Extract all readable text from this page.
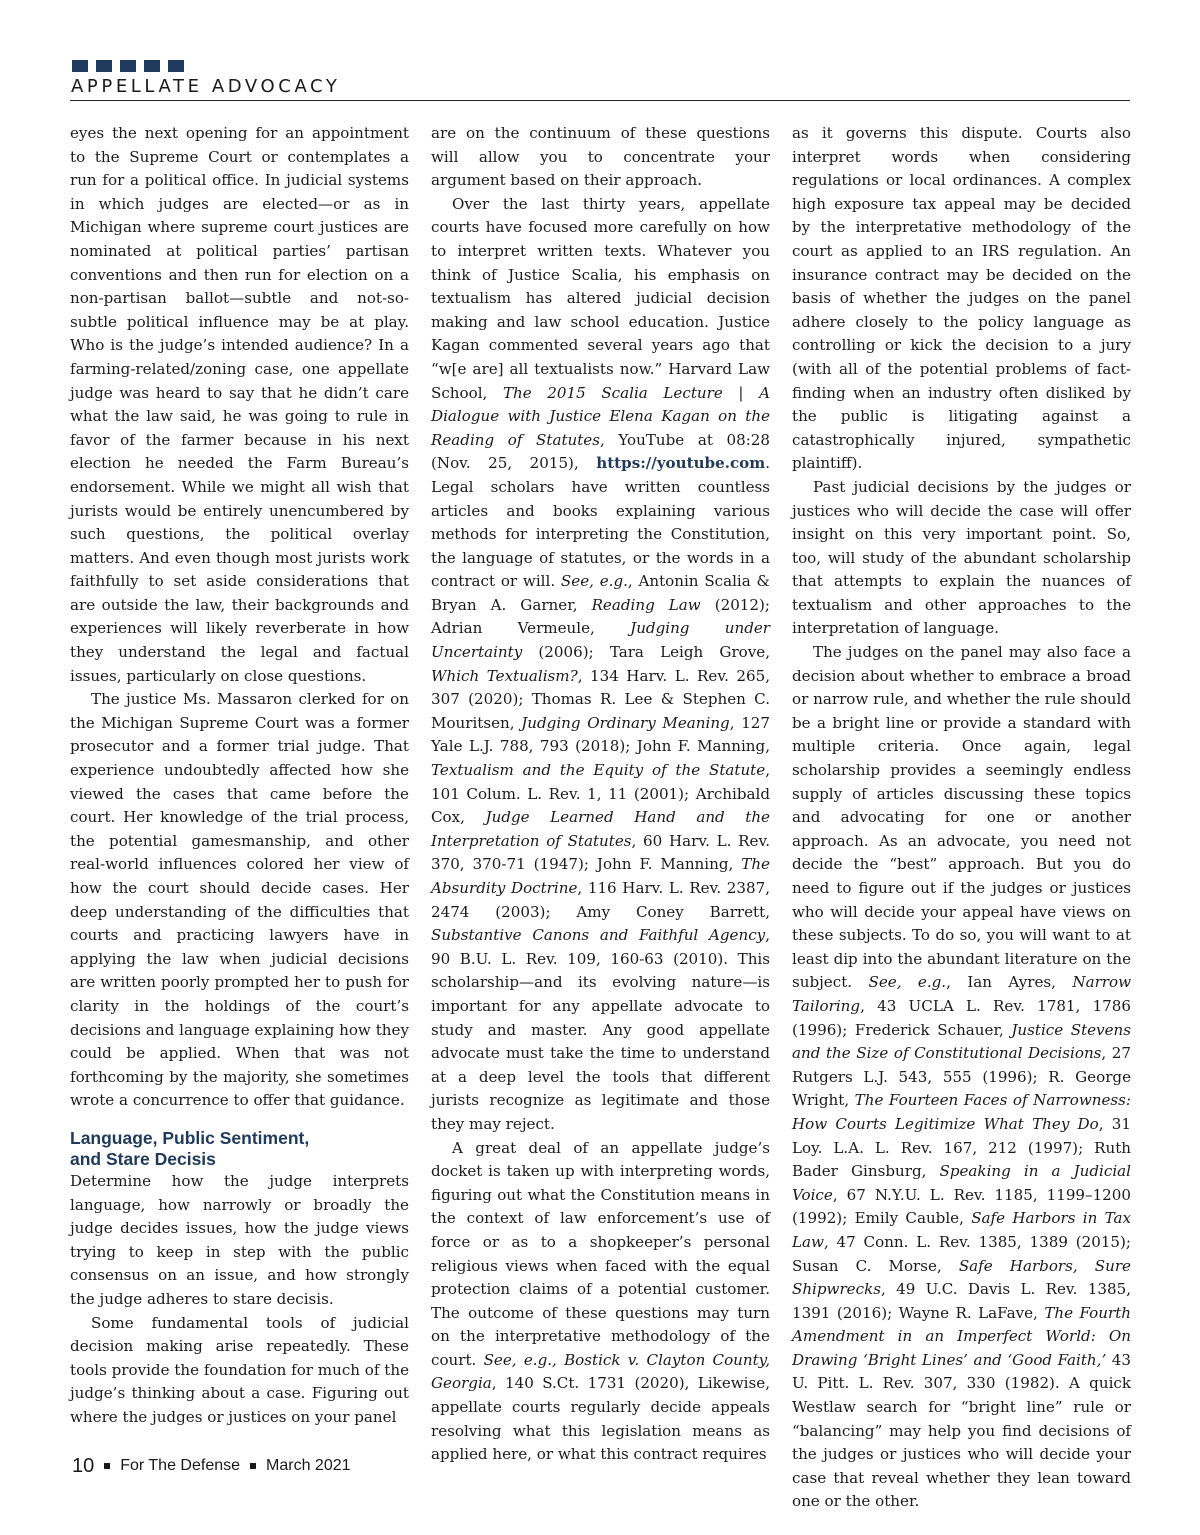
APPELLATE ADVOCACY

eyes the next opening for an appointment to the Supreme Court or contemplates a run for a political office. In judicial systems in which judges are elected—or as in Michigan where supreme court justices are nominated at political parties’ partisan conventions and then run for election on a non-partisan ballot—subtle and not-so-subtle political influence may be at play. Who is the judge’s intended audience? In a farming-related/zoning case, one appellate judge was heard to say that he didn’t care what the law said, he was going to rule in favor of the farmer because in his next election he needed the Farm Bureau’s endorsement. While we might all wish that jurists would be entirely unencumbered by such questions, the political overlay matters. And even though most jurists work faithfully to set aside considerations that are outside the law, their backgrounds and experiences will likely reverberate in how they understand the legal and factual issues, particularly on close questions.

The justice Ms. Massaron clerked for on the Michigan Supreme Court was a former prosecutor and a former trial judge. That experience undoubtedly affected how she viewed the cases that came before the court. Her knowledge of the trial process, the potential gamesmanship, and other real-world influences colored her view of how the court should decide cases. Her deep understanding of the difficulties that courts and practicing lawyers have in applying the law when judicial decisions are written poorly prompted her to push for clarity in the holdings of the court’s decisions and language explaining how they could be applied. When that was not forthcoming by the majority, she sometimes wrote a concurrence to offer that guidance.

Language, Public Sentiment,
and Stare Decisis

Determine how the judge interprets language, how narrowly or broadly the judge decides issues, how the judge views trying to keep in step with the public consensus on an issue, and how strongly the judge adheres to stare decisis.

Some fundamental tools of judicial decision making arise repeatedly. These tools provide the foundation for much of the judge’s thinking about a case. Figuring out where the judges or justices on your panel

are on the continuum of these questions will allow you to concentrate your argument based on their approach.

Over the last thirty years, appellate courts have focused more carefully on how to interpret written texts. Whatever you think of Justice Scalia, his emphasis on textualism has altered judicial decision making and law school education. Justice Kagan commented several years ago that “w[e are] all textualists now.” Harvard Law School, The 2015 Scalia Lecture | A Dialogue with Justice Elena Kagan on the Reading of Statutes, YouTube at 08:28 (Nov. 25, 2015), https://youtube.com. Legal scholars have written countless articles and books explaining various methods for interpreting the Constitution, the language of statutes, or the words in a contract or will. See, e.g., Antonin Scalia & Bryan A. Garner, Reading Law (2012); Adrian Vermeule, Judging under Uncertainty (2006); Tara Leigh Grove, Which Textualism?, 134 Harv. L. Rev. 265, 307 (2020); Thomas R. Lee & Stephen C. Mouritsen, Judging Ordinary Meaning, 127 Yale L.J. 788, 793 (2018); John F. Manning, Textualism and the Equity of the Statute, 101 Colum. L. Rev. 1, 11 (2001); Archibald Cox, Judge Learned Hand and the Interpretation of Statutes, 60 Harv. L. Rev. 370, 370-71 (1947); John F. Manning, The Absurdity Doctrine, 116 Harv. L. Rev. 2387, 2474 (2003); Amy Coney Barrett, Substantive Canons and Faithful Agency, 90 B.U. L. Rev. 109, 160-63 (2010). This scholarship—and its evolving nature—is important for any appellate advocate to study and master. Any good appellate advocate must take the time to understand at a deep level the tools that different jurists recognize as legitimate and those they may reject.

A great deal of an appellate judge’s docket is taken up with interpreting words, figuring out what the Constitution means in the context of law enforcement’s use of force or as to a shopkeeper’s personal religious views when faced with the equal protection claims of a potential customer. The outcome of these questions may turn on the interpretative methodology of the court. See, e.g., Bostick v. Clayton County, Georgia, 140 S.Ct. 1731 (2020), Likewise, appellate courts regularly decide appeals resolving what this legislation means as applied here, or what this contract requires

as it governs this dispute. Courts also interpret words when considering regulations or local ordinances. A complex high exposure tax appeal may be decided by the interpretative methodology of the court as applied to an IRS regulation. An insurance contract may be decided on the basis of whether the judges on the panel adhere closely to the policy language as controlling or kick the decision to a jury (with all of the potential problems of fact-finding when an industry often disliked by the public is litigating against a catastrophically injured, sympathetic plaintiff).

Past judicial decisions by the judges or justices who will decide the case will offer insight on this very important point. So, too, will study of the abundant scholarship that attempts to explain the nuances of textualism and other approaches to the interpretation of language.

The judges on the panel may also face a decision about whether to embrace a broad or narrow rule, and whether the rule should be a bright line or provide a standard with multiple criteria. Once again, legal scholarship provides a seemingly endless supply of articles discussing these topics and advocating for one or another approach. As an advocate, you need not decide the “best” approach. But you do need to figure out if the judges or justices who will decide your appeal have views on these subjects. To do so, you will want to at least dip into the abundant literature on the subject. See, e.g., Ian Ayres, Narrow Tailoring, 43 UCLA L. Rev. 1781, 1786 (1996); Frederick Schauer, Justice Stevens and the Size of Constitutional Decisions, 27 Rutgers L.J. 543, 555 (1996); R. George Wright, The Fourteen Faces of Narrowness: How Courts Legitimize What They Do, 31 Loy. L.A. L. Rev. 167, 212 (1997); Ruth Bader Ginsburg, Speaking in a Judicial Voice, 67 N.Y.U. L. Rev. 1185, 1199–1200 (1992); Emily Cauble, Safe Harbors in Tax Law, 47 Conn. L. Rev. 1385, 1389 (2015); Susan C. Morse, Safe Harbors, Sure Shipwrecks, 49 U.C. Davis L. Rev. 1385, 1391 (2016); Wayne R. LaFave, The Fourth Amendment in an Imperfect World: On Drawing ‘Bright Lines’ and ‘Good Faith,’ 43 U. Pitt. L. Rev. 307, 330 (1982). A quick Westlaw search for “bright line” rule or “balancing” may help you find decisions of the judges or justices who will decide your case that reveal whether they lean toward one or the other.

10 For The Defense March 2021
